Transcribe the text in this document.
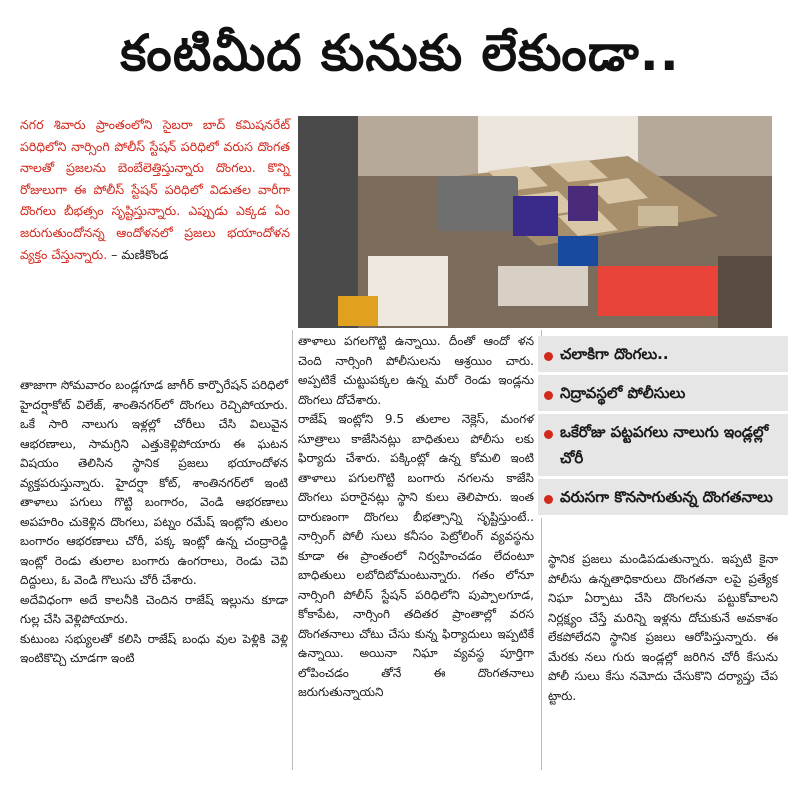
కంటిమీద కునుకు లేకుండా..
నగర శివారు ప్రాంతంలోని సైబరా బాద్ కమిషనరేట్ పరిధిలోని నార్సింగి పోలీస్ స్టేషన్ పరిధిలో వరుస దొంగత నాలతో ప్రజలను బెంబేలెత్తిస్తున్నారు దొంగలు. కొన్ని రోజులుగా ఈ పోలీస్ స్టేషన్ పరిధిలో విడుతల వారీగా దొంగలు బీభత్సం సృష్టిస్తున్నారు. ఎప్పుడు ఎక్కడ ఏం జరుగుతుందోనన్న ఆందోళనలో ప్రజలు భయాందోళన వ్యక్తం చేస్తున్నారు. – మణికొండ

తాజాగా సోమవారం బండ్లగూడ జాగీర్ కార్పొరేషన్ పరిధిలో హైదర్షాకోట్ విలేజ్, శాంతినగర్‌లో దొంగలు రెచ్చిపోయారు. ఒకే సారి నాలుగు ఇళ్లల్లో చోరీలు చేసి విలువైన ఆభరణాలు, సామగ్రిని ఎత్తుకెళ్లిపోయారు ఈ ఘటన విషయం తెలిసిన స్థానిక ప్రజలు భయాందోళన వ్యక్తపరుస్తున్నారు. హైదర్షా కోట్, శాంతినగర్‌లో ఇంటి తాళాలు పగులు గొట్టి బంగారం, వెండి ఆభరణాలు అపహరిం చుకెళ్లిన దొంగలు, పట్నం రమేష్ ఇంట్లోని తులం బంగారం ఆభరణాలు చోరీ, పక్క ఇంట్లో ఉన్న చంద్రారెడ్డి ఇంట్లో రెండు తులాల బంగారు ఉంగరాలు, రెండు చెవి దిద్దులు, ఓ వెండి గొలుసు చోరీ చేశారు.

అదేవిధంగా అదే కాలనీకి చెందిన రాజేష్ ఇల్లును కూడా గుల్ల చేసి వెళ్లిపోయారు.

కుటుంబ సభ్యులతో కలిసి రాజేష్ బంధు వుల పెళ్లికి వెళ్లి ఇంటికొచ్చి చూడగా ఇంటి

తాళాలు పగలగొట్టి ఉన్నాయి. దీంతో ఆందో ళన చెంది నార్సింగి పోలీసులను ఆశ్రయిం చారు. అప్పటికే చుట్టుపక్కల ఉన్న మరో రెండు ఇండ్లను దొంగలు దోచేశారు.

రాజేష్ ఇంట్లోని 9.5 తులాల నెక్లెస్, మంగళ సూత్రాలు కాజేసినట్లు బాధితులు పోలీసు లకు ఫిర్యాదు చేశారు. పక్కింట్లో ఉన్న కోమలి ఇంటి తాళాలు పగులగొట్టి బంగారు నగలను కాజేసి దొంగలు పరారైనట్లు స్థాని కులు తెలిపారు. ఇంత దారుణంగా దొంగలు బీభత్సాన్ని సృష్టిస్తుంటే.. నార్సింగ్ పోలీ సులు కనీసం పెట్రోలింగ్ వ్యవస్థను కూడా ఈ ప్రాంతంలో నిర్వహించడం లేదంటూ బాధితులు లబోదిబోమంటున్నారు. గతం లోనూ నార్సింగి పోలీస్ స్టేషన్ పరిధిలోని పుప్పాలగూడ, కోకాపేట, నార్సింగి తదితర ప్రాంతాల్లో వరస దొంగతనాలు చోటు చేసు కున్న ఫిర్యాదులు ఇప్పటికే ఉన్నాయి. అయినా నిఘా వ్యవస్థ పూర్తిగా లోపించడం తోనే ఈ దొంగతనాలు జరుగుతున్నాయని

చలాకిగా దొంగలు..
నిద్రావస్థలో పోలీసులు
ఒకేరోజు పట్టపగలు నాలుగు ఇండ్లల్లో చోరీ
వరుసగా కొనసాగుతున్న దొంగతనాలు

స్థానిక ప్రజలు మండిపడుతున్నారు. ఇప్పటి కైనా పోలీసు ఉన్నతాధికారులు దొంగతనా లపై ప్రత్యేక నిఘా ఏర్పాటు చేసి దొంగలను పట్టుకోవాలని నిర్లక్ష్యం చేస్తే మరిన్ని ఇళ్లను దోచుకునే అవకాశం లేకపోలేదని స్థానిక ప్రజలు ఆరోపిస్తున్నారు. ఈ మేరకు నలు గురు ఇండ్లల్లో జరిగిన చోరీ కేసును పోలీ సులు కేసు నమోదు చేసుకొని దర్యాప్తు చేప ట్టారు.
